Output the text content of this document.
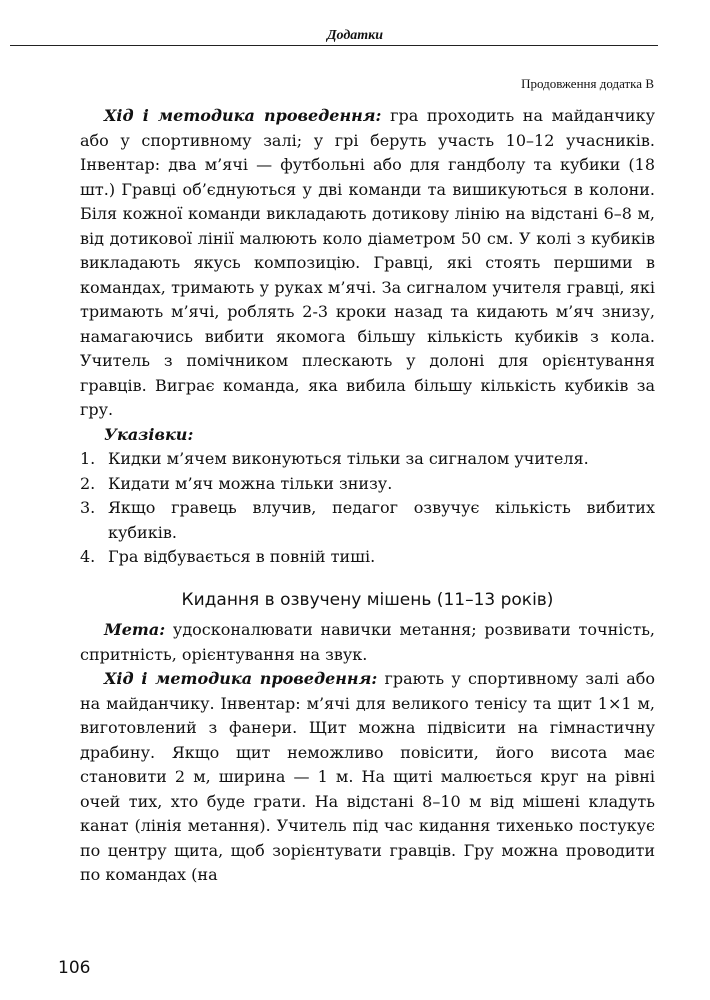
Додатки
Продовження додатка В

Хід і методика проведення: гра проходить на майданчику або у спортивному залі; у грі беруть участь 10–12 учасників. Інвентар: два м’ячі — футбольні або для гандболу та кубики (18 шт.) Гравці об’єднуються у дві команди та вишикуються в колони. Біля кожної команди викладають дотикову лінію на відстані 6–8 м, від дотикової лінії малюють коло діаметром 50 см. У колі з кубиків викладають якусь композицію. Гравці, які стоять першими в командах, тримають у руках м’ячі. За сигналом учителя гравці, які тримають м’ячі, роблять 2-3 кроки назад та кидають м’яч знизу, намагаючись вибити якомога більшу кількість кубиків з кола. Учитель з помічником плескають у долоні для орієнтування гравців. Виграє команда, яка вибила більшу кількість кубиків за гру.

Указівки:

1. Кидки м’ячем виконуються тільки за сигналом учителя.
2. Кидати м’яч можна тільки знизу.
3. Якщо гравець влучив, педагог озвучує кількість вибитих кубиків.
4. Гра відбувається в повній тиші.
Кидання в озвучену мішень (11–13 років)

Мета: удосконалювати навички метання; розвивати точність, спритність, орієнтування на звук.

Хід і методика проведення: грають у спортивному залі або на майданчику. Інвентар: м’ячі для великого тенісу та щит 1×1 м, виготовлений з фанери. Щит можна підвісити на гімнастичну драбину. Якщо щит неможливо повісити, його висота має становити 2 м, ширина — 1 м. На щиті малюється круг на рівні очей тих, хто буде грати. На відстані 8–10 м від мішені кладуть канат (лінія метання). Учитель під час кидання тихенько постукує по центру щита, щоб зорієнтувати гравців. Гру можна проводити по командах (на

106
